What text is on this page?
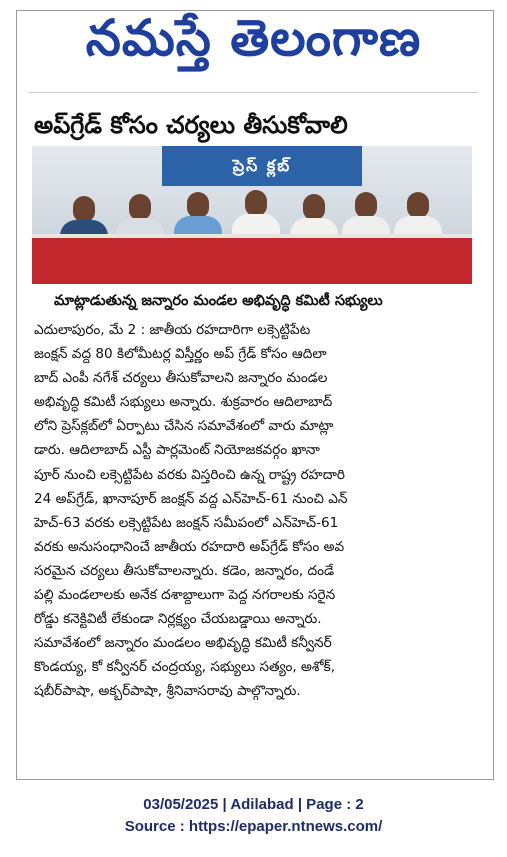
నమస్తే తెలంగాణ
అప్‌గ్రేడ్ కోసం చర్యలు తీసుకోవాలి
ప్రెస్ క్లబ్
మాట్లాడుతున్న జన్నారం మండల అభివృద్ధి కమిటీ సభ్యులు
ఎదులాపురం, మే 2 : జాతీయ రహదారిగా లక్సెట్టిపేట
జంక్షన్ వద్ద 80 కిలోమీటర్ల విస్తీర్ణం అప్ గ్రేడ్ కోసం ఆదిలా
బాద్ ఎంపీ నగేశ్ చర్యలు తీసుకోవాలని జన్నారం మండల
అభివృద్ధి కమిటీ సభ్యులు అన్నారు. శుక్రవారం ఆదిలాబాద్
లోని ప్రెస్‌క్లబ్‌లో ఏర్పాటు చేసిన సమావేశంలో వారు మాట్లా
డారు. ఆదిలాబాద్ ఎస్టీ పార్లమెంట్ నియోజకవర్గం ఖానా
పూర్ నుంచి లక్సెట్టిపేట వరకు విస్తరించి ఉన్న రాష్ట్ర రహదారి
24 అప్‌గ్రేడ్, ఖానాపూర్ జంక్షన్ వద్ద ఎన్‌హెచ్-61 నుంచి ఎన్
హెచ్-63 వరకు లక్సెట్టిపేట జంక్షన్ సమీపంలో ఎన్‌హెచ్-61
వరకు అనుసంధానించే జాతీయ రహదారి అప్‌గ్రేడ్ కోసం అవ
సరమైన చర్యలు తీసుకోవాలన్నారు. కడెం, జన్నారం, దండే
పల్లి మండలాలకు అనేక దశాబ్దాలుగా పెద్ద నగరాలకు సరైన
రోడ్డు కనెక్టివిటీ లేకుండా నిర్లక్ష్యం చేయబడ్డాయి అన్నారు.
సమావేశంలో జన్నారం మండలం అభివృద్ధి కమిటీ కన్వీనర్
కొండయ్య, కో కన్వీనర్ చంద్రయ్య, సభ్యులు సత్యం, అశోక్,
షబీర్‌పాషా, అక్బర్‌పాషా, శ్రీనివాసరావు పాల్గొన్నారు.
03/05/2025 | Adilabad | Page : 2
Source : https://epaper.ntnews.com/
